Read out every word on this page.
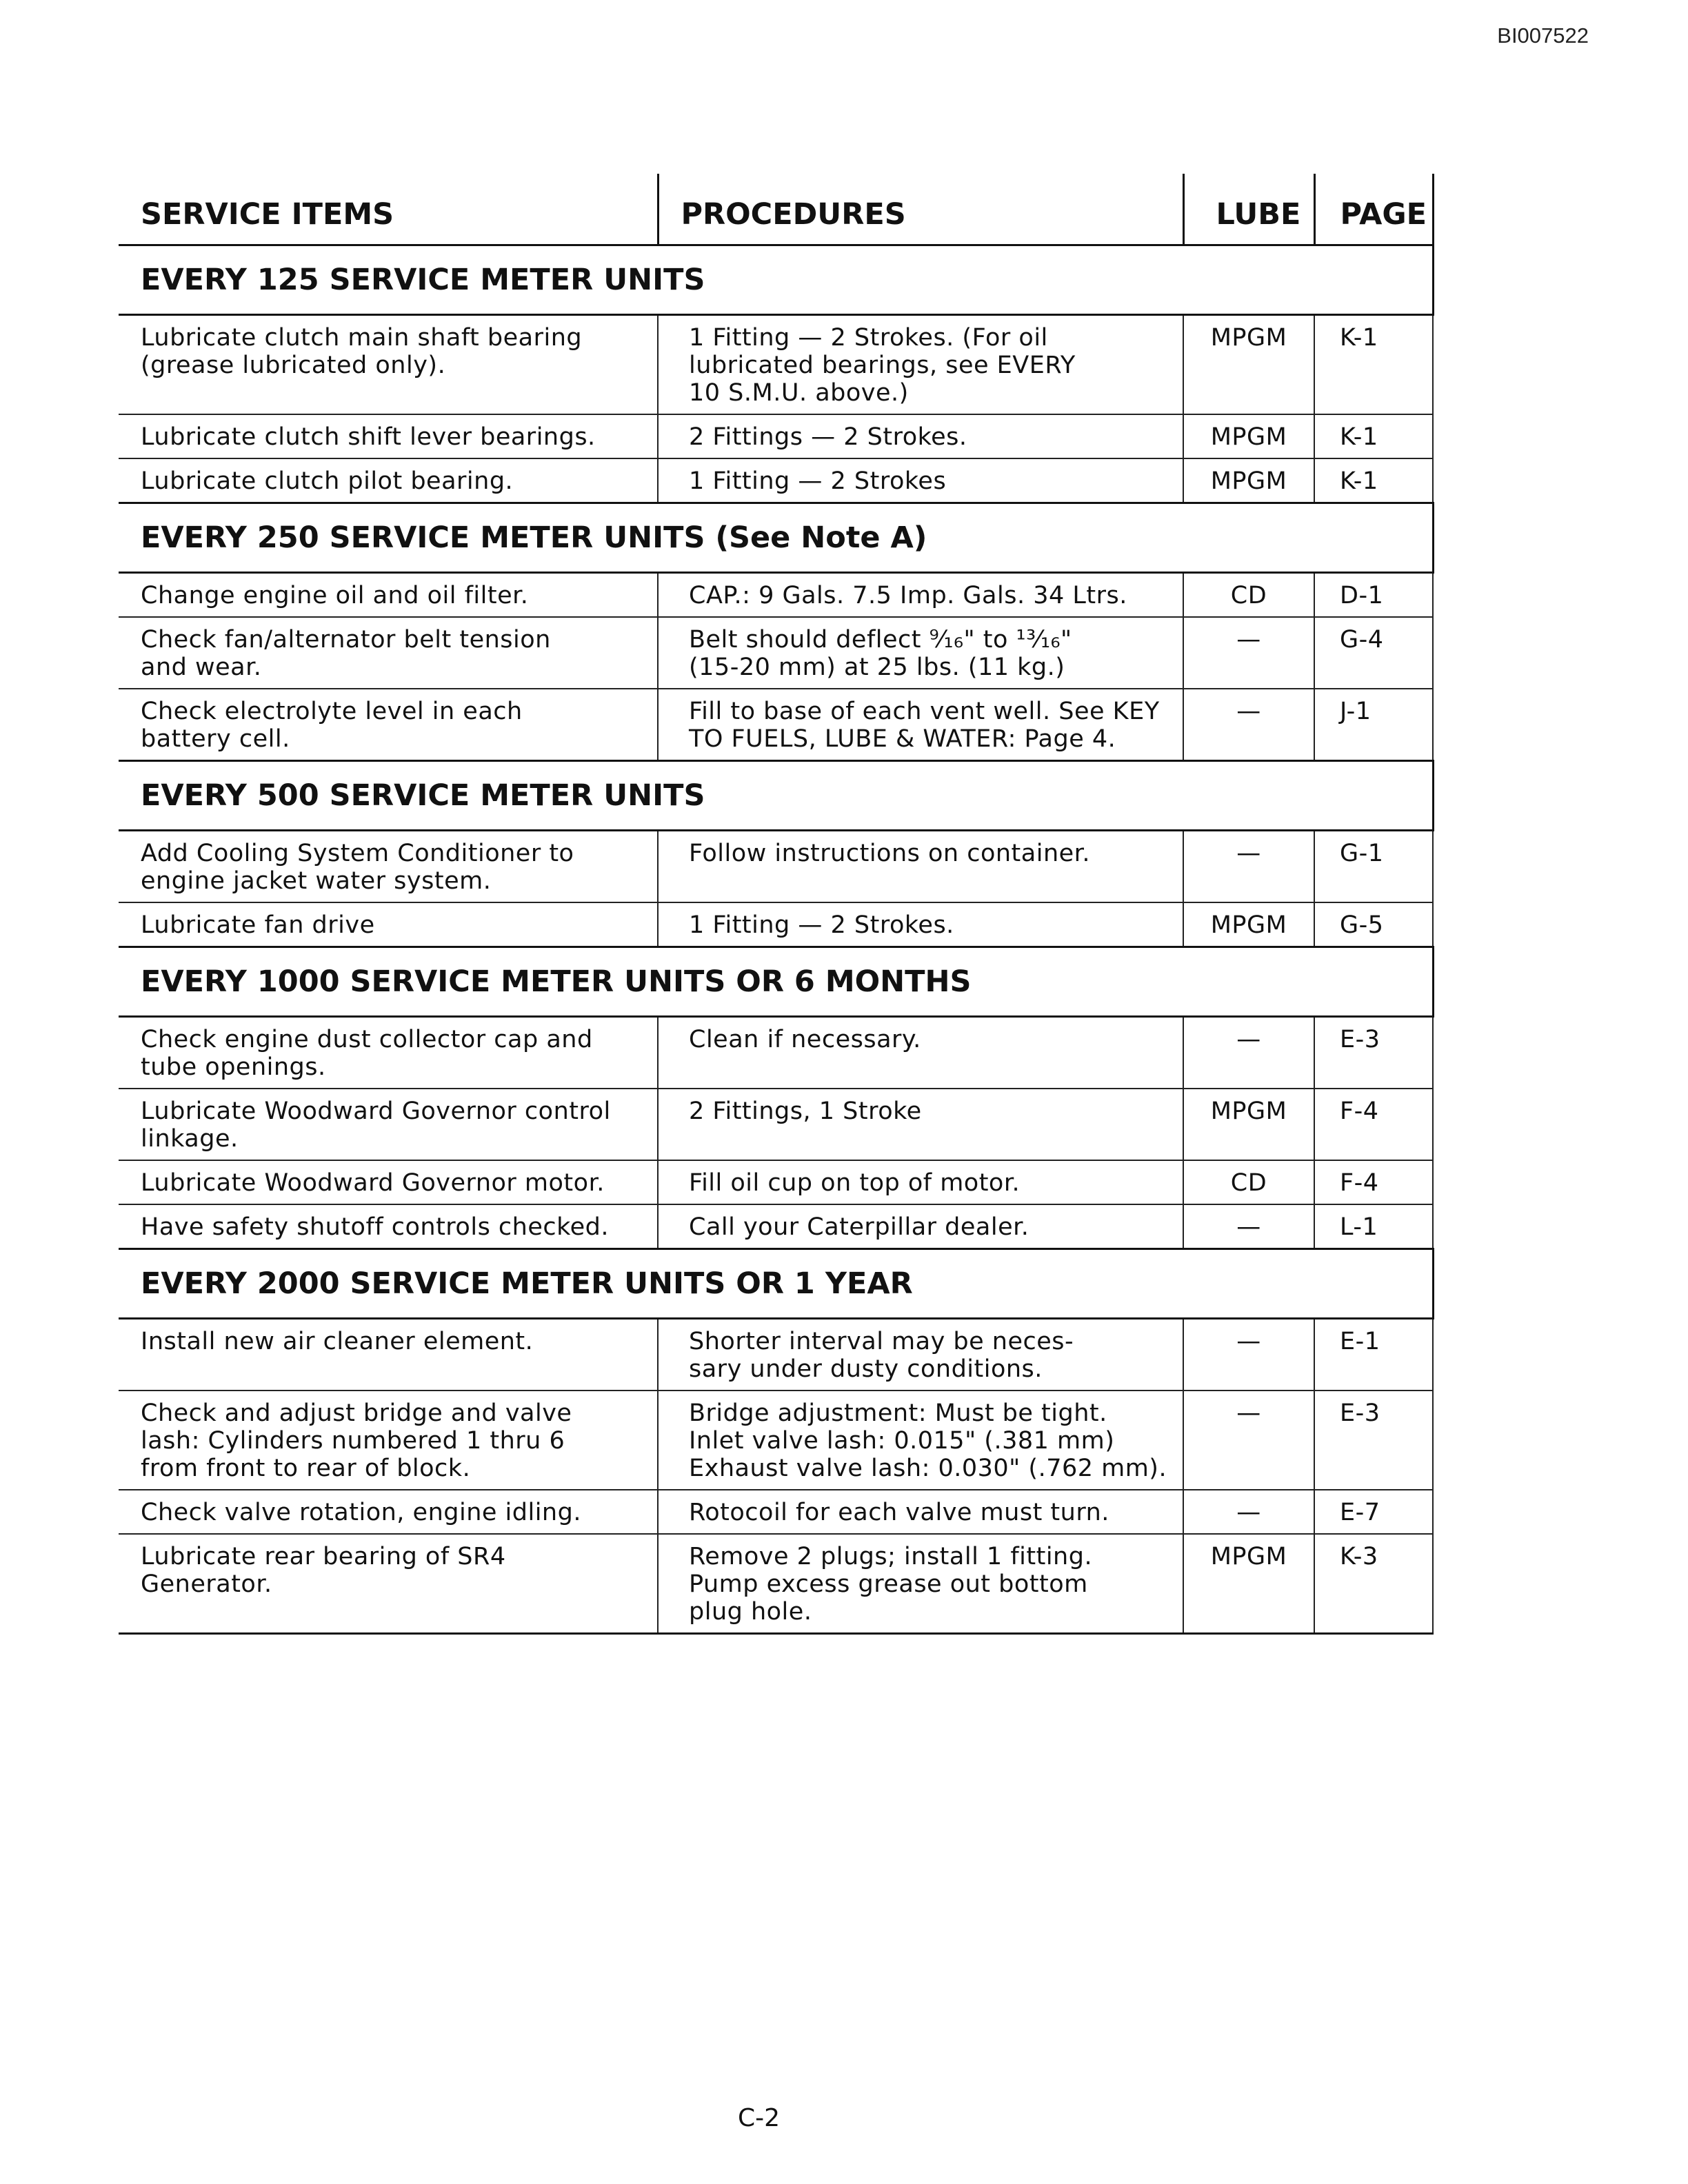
BI007522
SERVICE ITEMS	PROCEDURES	LUBE	PAGE
EVERY 125 SERVICE METER UNITS			
Lubricate clutch main shaft bearing
(grease lubricated only).	1 Fitting — 2 Strokes. (For oil
lubricated bearings, see EVERY
10 S.M.U. above.)	MPGM	K-1
Lubricate clutch shift lever bearings.	2 Fittings — 2 Strokes.	MPGM	K-1
Lubricate clutch pilot bearing.	1 Fitting — 2 Strokes	MPGM	K-1
EVERY 250 SERVICE METER UNITS (See Note A)			
Change engine oil and oil filter.	CAP.: 9 Gals. 7.5 Imp. Gals. 34 Ltrs.	CD	D-1
Check fan/alternator belt tension
and wear.	Belt should deflect ⁹⁄₁₆" to ¹³⁄₁₆"
(15-20 mm) at 25 lbs. (11 kg.)	—	G-4
Check electrolyte level in each
battery cell.	Fill to base of each vent well. See KEY
TO FUELS, LUBE & WATER: Page 4.	—	J-1
EVERY 500 SERVICE METER UNITS			
Add Cooling System Conditioner to
engine jacket water system.	Follow instructions on container.	—	G-1
Lubricate fan drive	1 Fitting — 2 Strokes.	MPGM	G-5
EVERY 1000 SERVICE METER UNITS OR 6 MONTHS			
Check engine dust collector cap and
tube openings.	Clean if necessary.	—	E-3
Lubricate Woodward Governor control
linkage.	2 Fittings, 1 Stroke	MPGM	F-4
Lubricate Woodward Governor motor.	Fill oil cup on top of motor.	CD	F-4
Have safety shutoff controls checked.	Call your Caterpillar dealer.	—	L-1
EVERY 2000 SERVICE METER UNITS OR 1 YEAR			
Install new air cleaner element.	Shorter interval may be neces-
sary under dusty conditions.	—	E-1
Check and adjust bridge and valve
lash: Cylinders numbered 1 thru 6
from front to rear of block.	Bridge adjustment: Must be tight.
Inlet valve lash: 0.015" (.381 mm)
Exhaust valve lash: 0.030" (.762 mm).	—	E-3
Check valve rotation, engine idling.	Rotocoil for each valve must turn.	—	E-7
Lubricate rear bearing of SR4
Generator.	Remove 2 plugs; install 1 fitting.
Pump excess grease out bottom
plug hole.	MPGM	K-3
C-2
